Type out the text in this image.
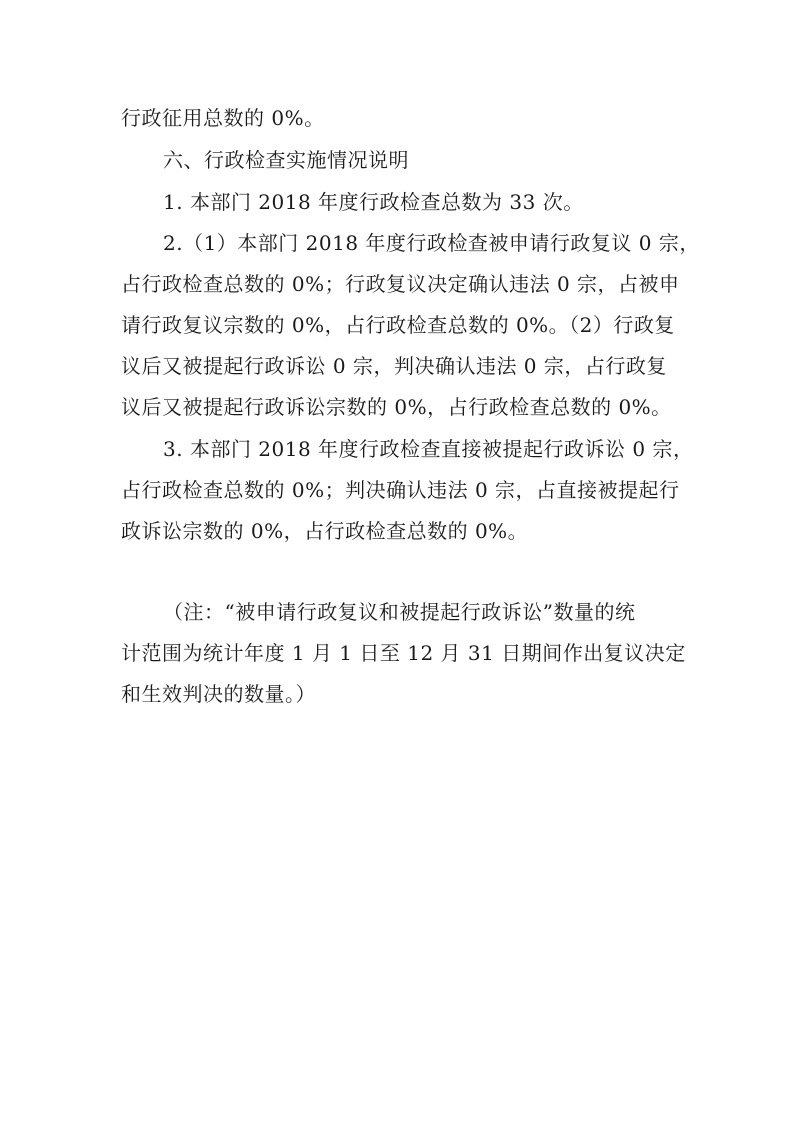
行政征用总数的 0%。
六、行政检查实施情况说明
1. 本部门 2018 年度行政检查总数为 33 次。
2.（1）本部门 2018 年度行政检查被申请行政复议 0 宗，
占行政检查总数的 0%；行政复议决定确认违法 0 宗，占被申
请行政复议宗数的 0%，占行政检查总数的 0%。（2）行政复
议后又被提起行政诉讼 0 宗，判决确认违法 0 宗，占行政复
议后又被提起行政诉讼宗数的 0%，占行政检查总数的 0%。
3. 本部门 2018 年度行政检查直接被提起行政诉讼 0 宗，
占行政检查总数的 0%；判决确认违法 0 宗，占直接被提起行
政诉讼宗数的 0%，占行政检查总数的 0%。
（注：“被申请行政复议和被提起行政诉讼”数量的统
计范围为统计年度 1 月 1 日至 12 月 31 日期间作出复议决定
和生效判决的数量。）
